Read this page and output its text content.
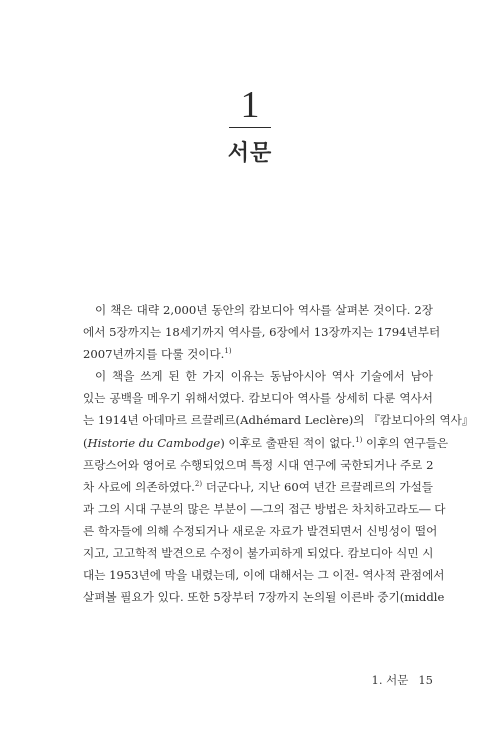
1
서문
이 책은 대략 2,000년 동안의 캄보디아 역사를 살펴본 것이다. 2장
에서 5장까지는 18세기까지 역사를, 6장에서 13장까지는 1794년부터
2007년까지를 다룰 것이다.$^{1)}$
이 책을 쓰게 된 한 가지 이유는 동남아시아 역사 기술에서 남아
있는 공백을 메우기 위해서였다. 캄보디아 역사를 상세히 다룬 역사서
는 1914년 아데마르 르끌레르(Adhémard Leclère)의 『캄보디아의 역사』
(Historie du Cambodge) 이후로 출판된 적이 없다.$^{1)}$ 이후의 연구들은
프랑스어와 영어로 수행되었으며 특정 시대 연구에 국한되거나 주로 2
차 사료에 의존하였다.$^{2)}$ 더군다나, 지난 60여 년간 르끌레르의 가설들
과 그의 시대 구분의 많은 부분이 ―그의 접근 방법은 차치하고라도― 다
른 학자들에 의해 수정되거나 새로운 자료가 발견되면서 신빙성이 떨어
지고, 고고학적 발견으로 수정이 불가피하게 되었다. 캄보디아 식민 시
대는 1953년에 막을 내렸는데, 이에 대해서는 그 이전- 역사적 관점에서
살펴볼 필요가 있다. 또한 5장부터 7장까지 논의될 이른바 중기(middle
1. 서문 15
